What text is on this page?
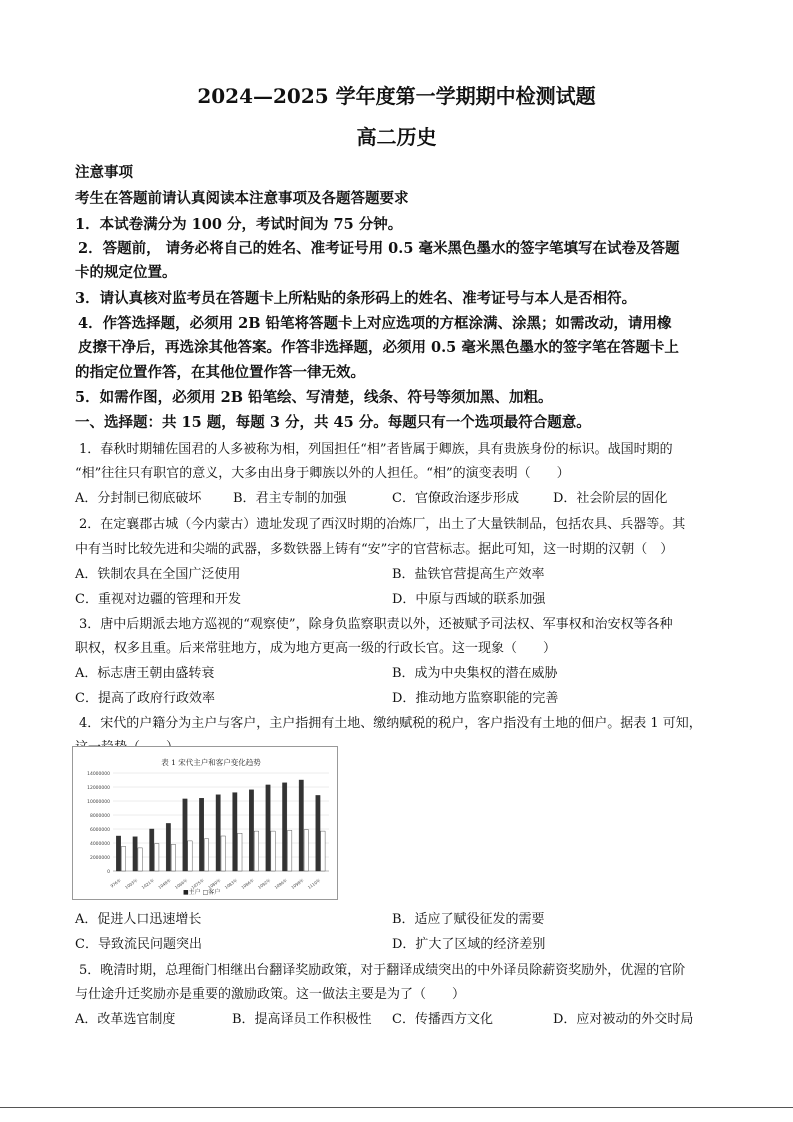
2024—2025 学年度第一学期期中检测试题
高二历史
注意事项
考生在答题前请认真阅读本注意事项及各题答题要求
1．本试卷满分为 100 分，考试时间为 75 分钟。
2．答题前， 请务必将自己的姓名、准考证号用 0.5 毫米黑色墨水的签字笔填写在试卷及答题
卡的规定位置。
3．请认真核对监考员在答题卡上所粘贴的条形码上的姓名、准考证号与本人是否相符。
4．作答选择题，必须用 2B 铅笔将答题卡上对应选项的方框涂满、涂黑；如需改动，请用橡
皮擦干净后，再选涂其他答案。作答非选择题，必须用 0.5 毫米黑色墨水的签字笔在答题卡上
的指定位置作答，在其他位置作答一律无效。
5．如需作图，必须用 2B 铅笔绘、写清楚，线条、符号等须加黑、加粗。
一、选择题：共 15 题，每题 3 分，共 45 分。每题只有一个选项最符合题意。
1．春秋时期辅佐国君的人多被称为相，列国担任“相”者皆属于卿族，具有贵族身份的标识。战国时期的
“相”往往只有职官的意义，大多由出身于卿族以外的人担任。“相”的演变表明（　　）
A．分封制已彻底破坏 B．君主专制的加强	C．官僚政治逐步形成	D．社会阶层的固化
2．在定襄郡古城（今内蒙古）遗址发现了西汉时期的冶炼厂，出土了大量铁制品，包括农具、兵器等。其
中有当时比较先进和尖端的武器，多数铁器上铸有“安”字的官营标志。据此可知，这一时期的汉朝（　）
A．铁制农具在全国广泛使用	B．盐铁官营提高生产效率
C．重视对边疆的管理和开发	D．中原与西域的联系加强
3．唐中后期派去地方巡视的“观察使”，除身负监察职责以外，还被赋予司法权、军事权和治安权等各种
职权，权多且重。后来常驻地方，成为地方更高一级的行政长官。这一现象（　　）
A．标志唐王朝由盛转衰	B．成为中央集权的潜在威胁
C．提高了政府行政效率	D．推动地方监察职能的完善
4．宋代的户籍分为主户与客户，主户指拥有土地、缴纳赋税的税户，客户指没有土地的佃户。据表 1 可知，
表 1 宋代主户和客户变化趋势
14000000
12000000
10000000
8000000
6000000
4000000
2000000
0
976年 1003年 1021年 1048年 1066年 1075年 1080年 1083年 1086年 1092年 1096年 1098年 1110年
■主户 □客户
A．促进人口迅速增长	B．适应了赋役征发的需要
C．导致流民问题突出	D．扩大了区域的经济差别
5．晚清时期，总理衙门相继出台翻译奖励政策，对于翻译成绩突出的中外译员除薪资奖励外，优渥的官阶
与仕途升迁奖励亦是重要的激励政策。这一做法主要是为了（　　）
A．改革选官制度	B．提高译员工作积极性 C．传播西方文化	D．应对被动的外交时局
